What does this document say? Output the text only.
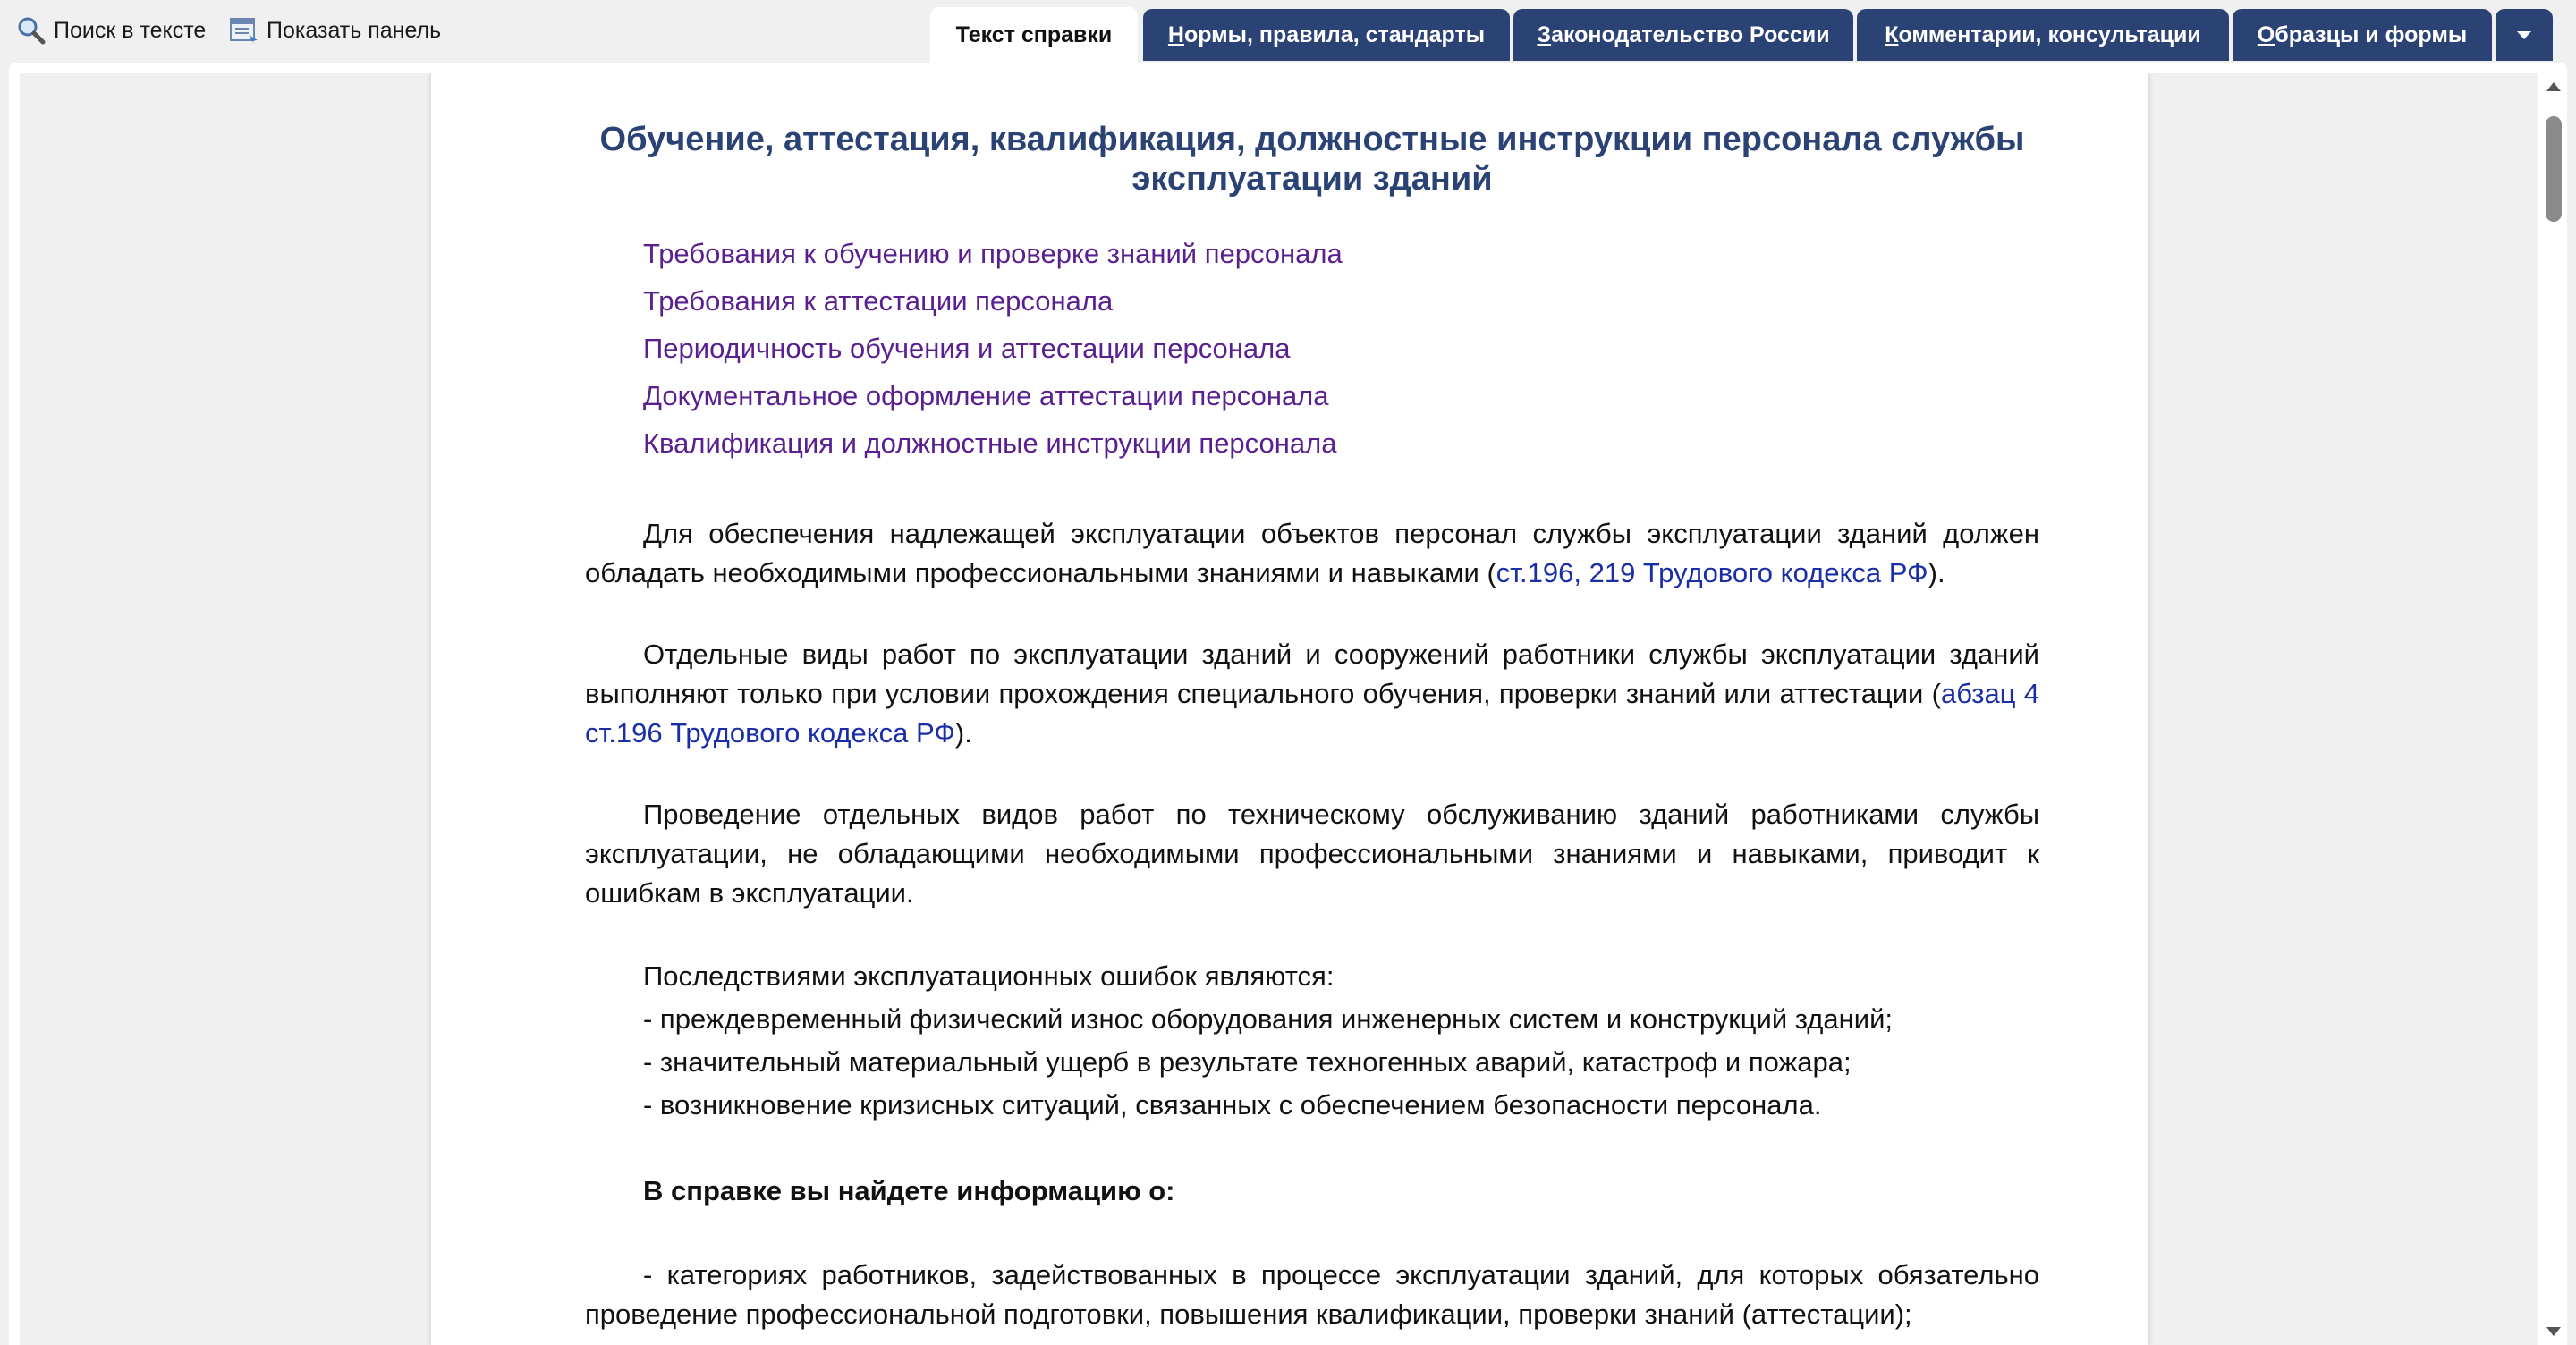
Поиск в тексте	Показать панель	Текст справки	Н ормы, правила, стандарты З аконодательство России К омментарии, консультации	О бразцы и формы
Обучение, аттестация, квалификация, должностные инструкции персонала службы эксплуатации зданий
Требования к обучению и проверке знаний персонала
Требования к аттестации персонала
Периодичность обучения и аттестации персонала
Документальное оформление аттестации персонала
Квалификация и должностные инструкции персонала

Для обеспечения надлежащей эксплуатации объектов персонал службы эксплуатации зданий должен обладать необходимыми профессиональными знаниями и навыками (ст.196, 219 Трудового кодекса РФ).

Отдельные виды работ по эксплуатации зданий и сооружений работники службы эксплуатации зданий выполняют только при условии прохождения специального обучения, проверки знаний или аттестации (абзац 4 ст.196 Трудового кодекса РФ).

Проведение отдельных видов работ по техническому обслуживанию зданий работниками службы эксплуатации, не обладающими необходимыми профессиональными знаниями и навыками, приводит к ошибкам в эксплуатации.

Последствиями эксплуатационных ошибок являются:

- преждевременный физический износ оборудования инженерных систем и конструкций зданий;

- значительный материальный ущерб в результате техногенных аварий, катастроф и пожара;

- возникновение кризисных ситуаций, связанных с обеспечением безопасности персонала.

В справке вы найдете информацию о:

- категориях работников, задействованных в процессе эксплуатации зданий, для которых обязательно проведение профессиональной подготовки, повышения квалификации, проверки знаний (аттестации);
